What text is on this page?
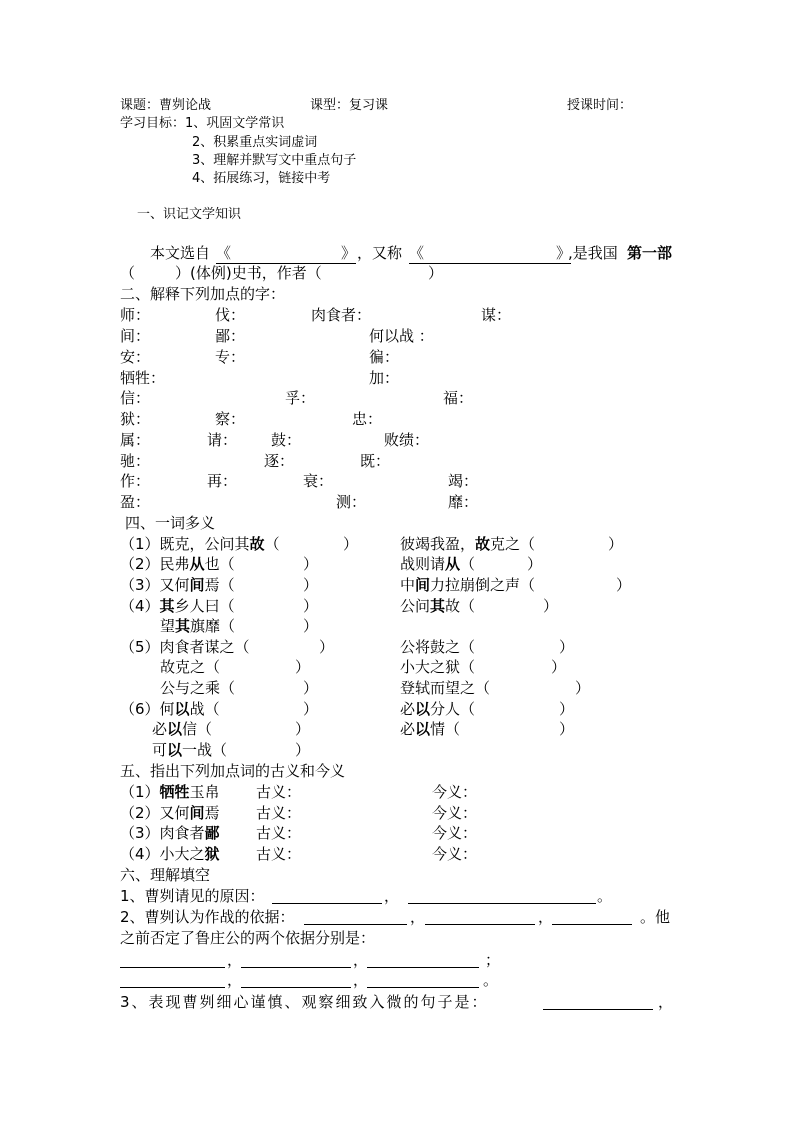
课题：曹刿论战	课型：复习课	授课时间：
学习目标： 1、巩固文学常识
2、积累重点实词虚词
3、理解并默写文中重点句子
4、拓展练习，链接中考
一、识记文学知识
本文选自 《	》 ，又称 《	》
,是我国 第一部
（	）(体例)史书，作者（	）
二、解释下列加点的字：
师：	伐：	肉食者：	谋：
间：	鄙：	何以战 ：
安：	专：	徧：
牺牲：	加：
信：	孚：	福：
狱：	察：	忠：
属：	请： 鼓：	败绩：
驰：	逐：	既：
作：	再：	衰：	竭：
盈：	测：	靡：
四、一词多义
（1）既克，公问其故（	）	彼竭我盈，故克之（	）
（2）民弗从也（	）	战则请从（	）
（3）又何间焉（	）	中间力拉崩倒之声（	）
（4）其乡人曰（	）	公问其故（	）
望其旗靡（	）
（5）肉食者谋之（	）	公将鼓之（	）
故克之（	）	小大之狱（	）
公与之乘（	）	登轼而望之（	）
（6）何以战（	）	必以分人（	）
必以信（	）	必以情（	）
可以一战（	）
五、指出下列加点词的古义和今义
（1）牺牲玉帛 古义：	今义：
（2）又何间焉 古义：	今义：
（3）肉食者鄙 古义：	今义：
（4）小大之狱 古义：	今义：
六、理解填空
1、曹刿请见的原因：	，	。
2、曹刿认为作战的依据：	，	，	。他
之前否定了鲁庄公的两个依据分别是：
，	，	；
，	，	。
3、表现曹刿细心谨慎、观察细致入微的句子是：	，
